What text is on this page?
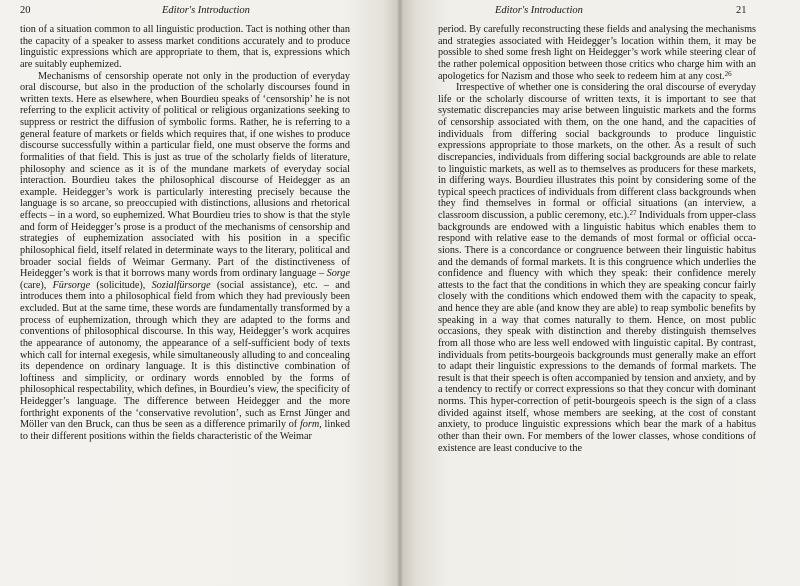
20	Editor's Introduction

tion of a situation common to all linguistic production. Tact is nothing other than the capacity of a speaker to assess market conditions accurately and to produce linguistic expressions which are appropriate to them, that is, expressions which are suitably euphemized.

Mechanisms of censorship operate not only in the production of everyday oral discourse, but also in the production of the scholarly discourses found in written texts. Here as elsewhere, when Bourdieu speaks of ‘censorship’ he is not referring to the explicit activity of political or religious organizations seeking to suppress or restrict the diffusion of symbolic forms. Rather, he is referring to a general feature of markets or fields which requires that, if one wishes to produce discourse successfully within a particular field, one must observe the forms and formalities of that field. This is just as true of the scholarly fields of literature, philosophy and science as it is of the mundane markets of everyday social interaction. Bourdieu takes the philosophical discourse of Heidegger as an example. Heidegger’s work is particularly interesting precisely because the language is so arcane, so preoccupied with distinctions, allusions and rhetorical effects – in a word, so euphemized. What Bourdieu tries to show is that the style and form of Heidegger’s prose is a product of the mechanisms of censorship and strategies of euphemization associated with his position in a specific philosophical field, itself related in determinate ways to the literary, political and broader social fields of Weimar Germany. Part of the distinctiveness of Heidegger’s work is that it borrows many words from ordinary language – Sorge (care), Fürsorge (solicitude), Sozialfürsorge (social assistance), etc. – and introduces them into a philosophical field from which they had previously been excluded. But at the same time, these words are fundamentally transformed by a process of euphemization, through which they are adapted to the forms and conventions of philosophical discourse. In this way, Heidegger’s work acquires the appearance of autonomy, the appearance of a self-sufficient body of texts which call for internal exegesis, while simultaneously alluding to and concealing its dependence on ordinary language. It is this distinctive combination of loftiness and simplicity, or ordinary words ennobled by the forms of philosophical respectability, which defines, in Bourdieu’s view, the specificity of Heidegger’s language. The difference between Heidegger and the more forthright exponents of the ‘conservative revolution’, such as Ernst Jünger and Möller van den Bruck, can thus be seen as a difference primarily of form, linked to their different positions within the fields characteristic of the Weimar

Editor's Introduction	21

period. By carefully reconstructing these fields and analysing the mechanisms and strategies associated with Heidegger’s location within them, it may be possible to shed some fresh light on Heidegger’s work while steering clear of the rather polemical opposition between those critics who charge him with an apologetics for Nazism and those who seek to redeem him at any cost.$^{26}$

Irrespective of whether one is considering the oral discourse of everyday life or the scholarly discourse of written texts, it is important to see that systematic discrepancies may arise between linguistic markets and the forms of censorship associated with them, on the one hand, and the capacities of individuals from differing social backgrounds to produce linguistic expressions appropriate to those markets, on the other. As a result of such discrepancies, individuals from differing social backgrounds are able to relate to linguistic markets, as well as to themselves as producers for these markets, in differing ways. Bourdieu illustrates this point by considering some of the typical speech practices of individuals from different class backgrounds when they find themselves in formal or official situations (an interview, a classroom discussion, a public ceremony, etc.).$^{27}$ Individuals from upper-class backgrounds are endowed with a linguistic habitus which enables them to respond with relative ease to the demands of most formal or official occasions. There is a concordance or congruence between their linguistic habitus and the demands of formal markets. It is this congruence which underlies the confidence and fluency with which they speak: their confidence merely attests to the fact that the conditions in which they are speaking concur fairly closely with the conditions which endowed them with the capacity to speak, and hence they are able (and know they are able) to reap symbolic benefits by speaking in a way that comes naturally to them. Hence, on most public occasions, they speak with distinction and thereby distinguish themselves from all those who are less well endowed with linguistic capital. By contrast, individuals from petits-bourgeois backgrounds must generally make an effort to adapt their linguistic expressions to the demands of formal markets. The result is that their speech is often accompanied by tension and anxiety, and by a tendency to rectify or correct expressions so that they concur with dominant norms. This hyper-correction of petit-bourgeois speech is the sign of a class divided against itself, whose members are seeking, at the cost of constant anxiety, to produce linguistic expressions which bear the mark of a habitus other than their own. For members of the lower classes, whose conditions of existence are least conducive to the
